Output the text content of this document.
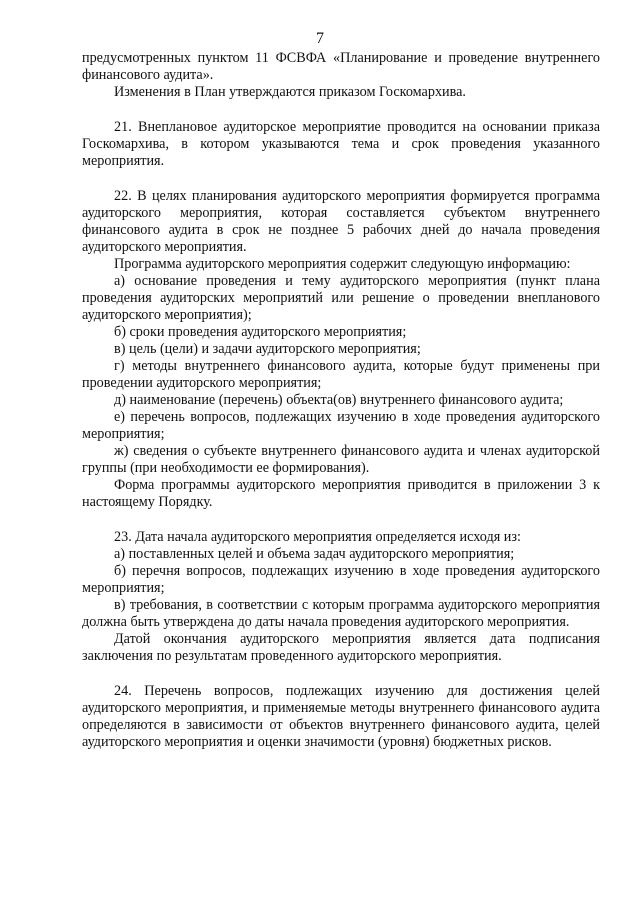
7

предусмотренных пунктом 11 ФСВФА «Планирование и проведение внутреннего финансового аудита».

Изменения в План утверждаются приказом Госкомархива.

21. Внеплановое аудиторское мероприятие проводится на основании приказа Госкомархива, в котором указываются тема и срок проведения указанного мероприятия.

22. В целях планирования аудиторского мероприятия формируется программа аудиторского мероприятия, которая составляется субъектом внутреннего финансового аудита в срок не позднее 5 рабочих дней до начала проведения аудиторского мероприятия.

Программа аудиторского мероприятия содержит следующую информацию:

а) основание проведения и тему аудиторского мероприятия (пункт плана проведения аудиторских мероприятий или решение о проведении внепланового аудиторского мероприятия);

б) сроки проведения аудиторского мероприятия;

в) цель (цели) и задачи аудиторского мероприятия;

г) методы внутреннего финансового аудита, которые будут применены при проведении аудиторского мероприятия;

д) наименование (перечень) объекта(ов) внутреннего финансового аудита;

е) перечень вопросов, подлежащих изучению в ходе проведения аудиторского мероприятия;

ж) сведения о субъекте внутреннего финансового аудита и членах аудиторской группы (при необходимости ее формирования).

Форма программы аудиторского мероприятия приводится в приложении 3 к настоящему Порядку.

23. Дата начала аудиторского мероприятия определяется исходя из:

а) поставленных целей и объема задач аудиторского мероприятия;

б) перечня вопросов, подлежащих изучению в ходе проведения аудиторского мероприятия;

в) требования, в соответствии с которым программа аудиторского мероприятия должна быть утверждена до даты начала проведения аудиторского мероприятия.

Датой окончания аудиторского мероприятия является дата подписания заключения по результатам проведенного аудиторского мероприятия.

24. Перечень вопросов, подлежащих изучению для достижения целей аудиторского мероприятия, и применяемые методы внутреннего финансового аудита определяются в зависимости от объектов внутреннего финансового аудита, целей аудиторского мероприятия и оценки значимости (уровня) бюджетных рисков.
